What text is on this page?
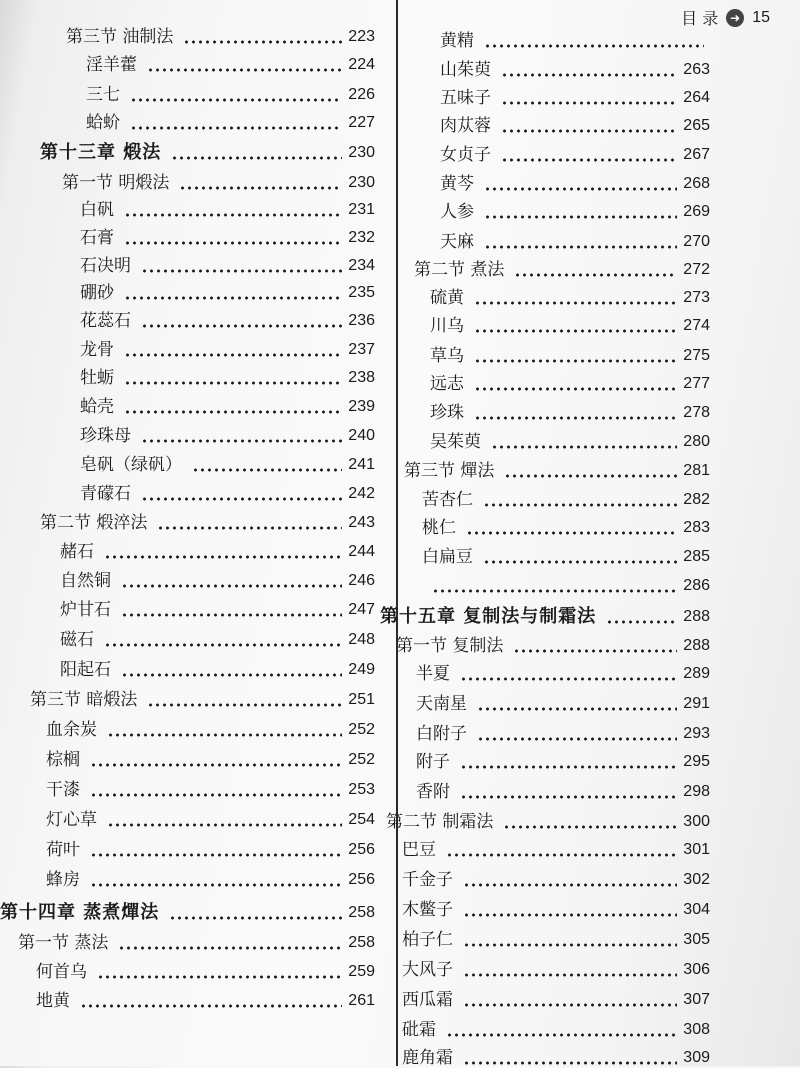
目 录 ➜ 15
第三节 油制法	223
淫羊藿	224
三七	226
蛤蚧	227
第十三章 煅法	230
第一节 明煅法	230
白矾	231
石膏	232
石决明	234
硼砂	235
花蕊石	236
龙骨	237
牡蛎	238
蛤壳	239
珍珠母	240
皂矾（绿矾）	241
青礞石	242
第二节 煅淬法	243
赭石	244
自然铜	246
炉甘石	247
磁石	248
阳起石	249
第三节 暗煅法	251
血余炭	252
棕榈	252
干漆	253
灯心草	254
荷叶	256
蜂房	256
第十四章 蒸煮燀法	258
第一节 蒸法	258
何首乌	259
地黄	261
黄精
山茱萸	263
五味子	264
肉苁蓉	265
女贞子	267
黄芩	268
人参	269
天麻	270
第二节 煮法	272
硫黄	273
川乌	274
草乌	275
远志	277
珍珠	278
吴茱萸	280
第三节 燀法	281
苦杏仁	282
桃仁	283
白扁豆	285
286
第十五章 复制法与制霜法	288
第一节 复制法	288
半夏	289
天南星	291
白附子	293
附子	295
香附	298
第二节 制霜法	300
巴豆	301
千金子	302
木鳖子	304
柏子仁	305
大风子	306
西瓜霜	307
砒霜	308
鹿角霜	309
